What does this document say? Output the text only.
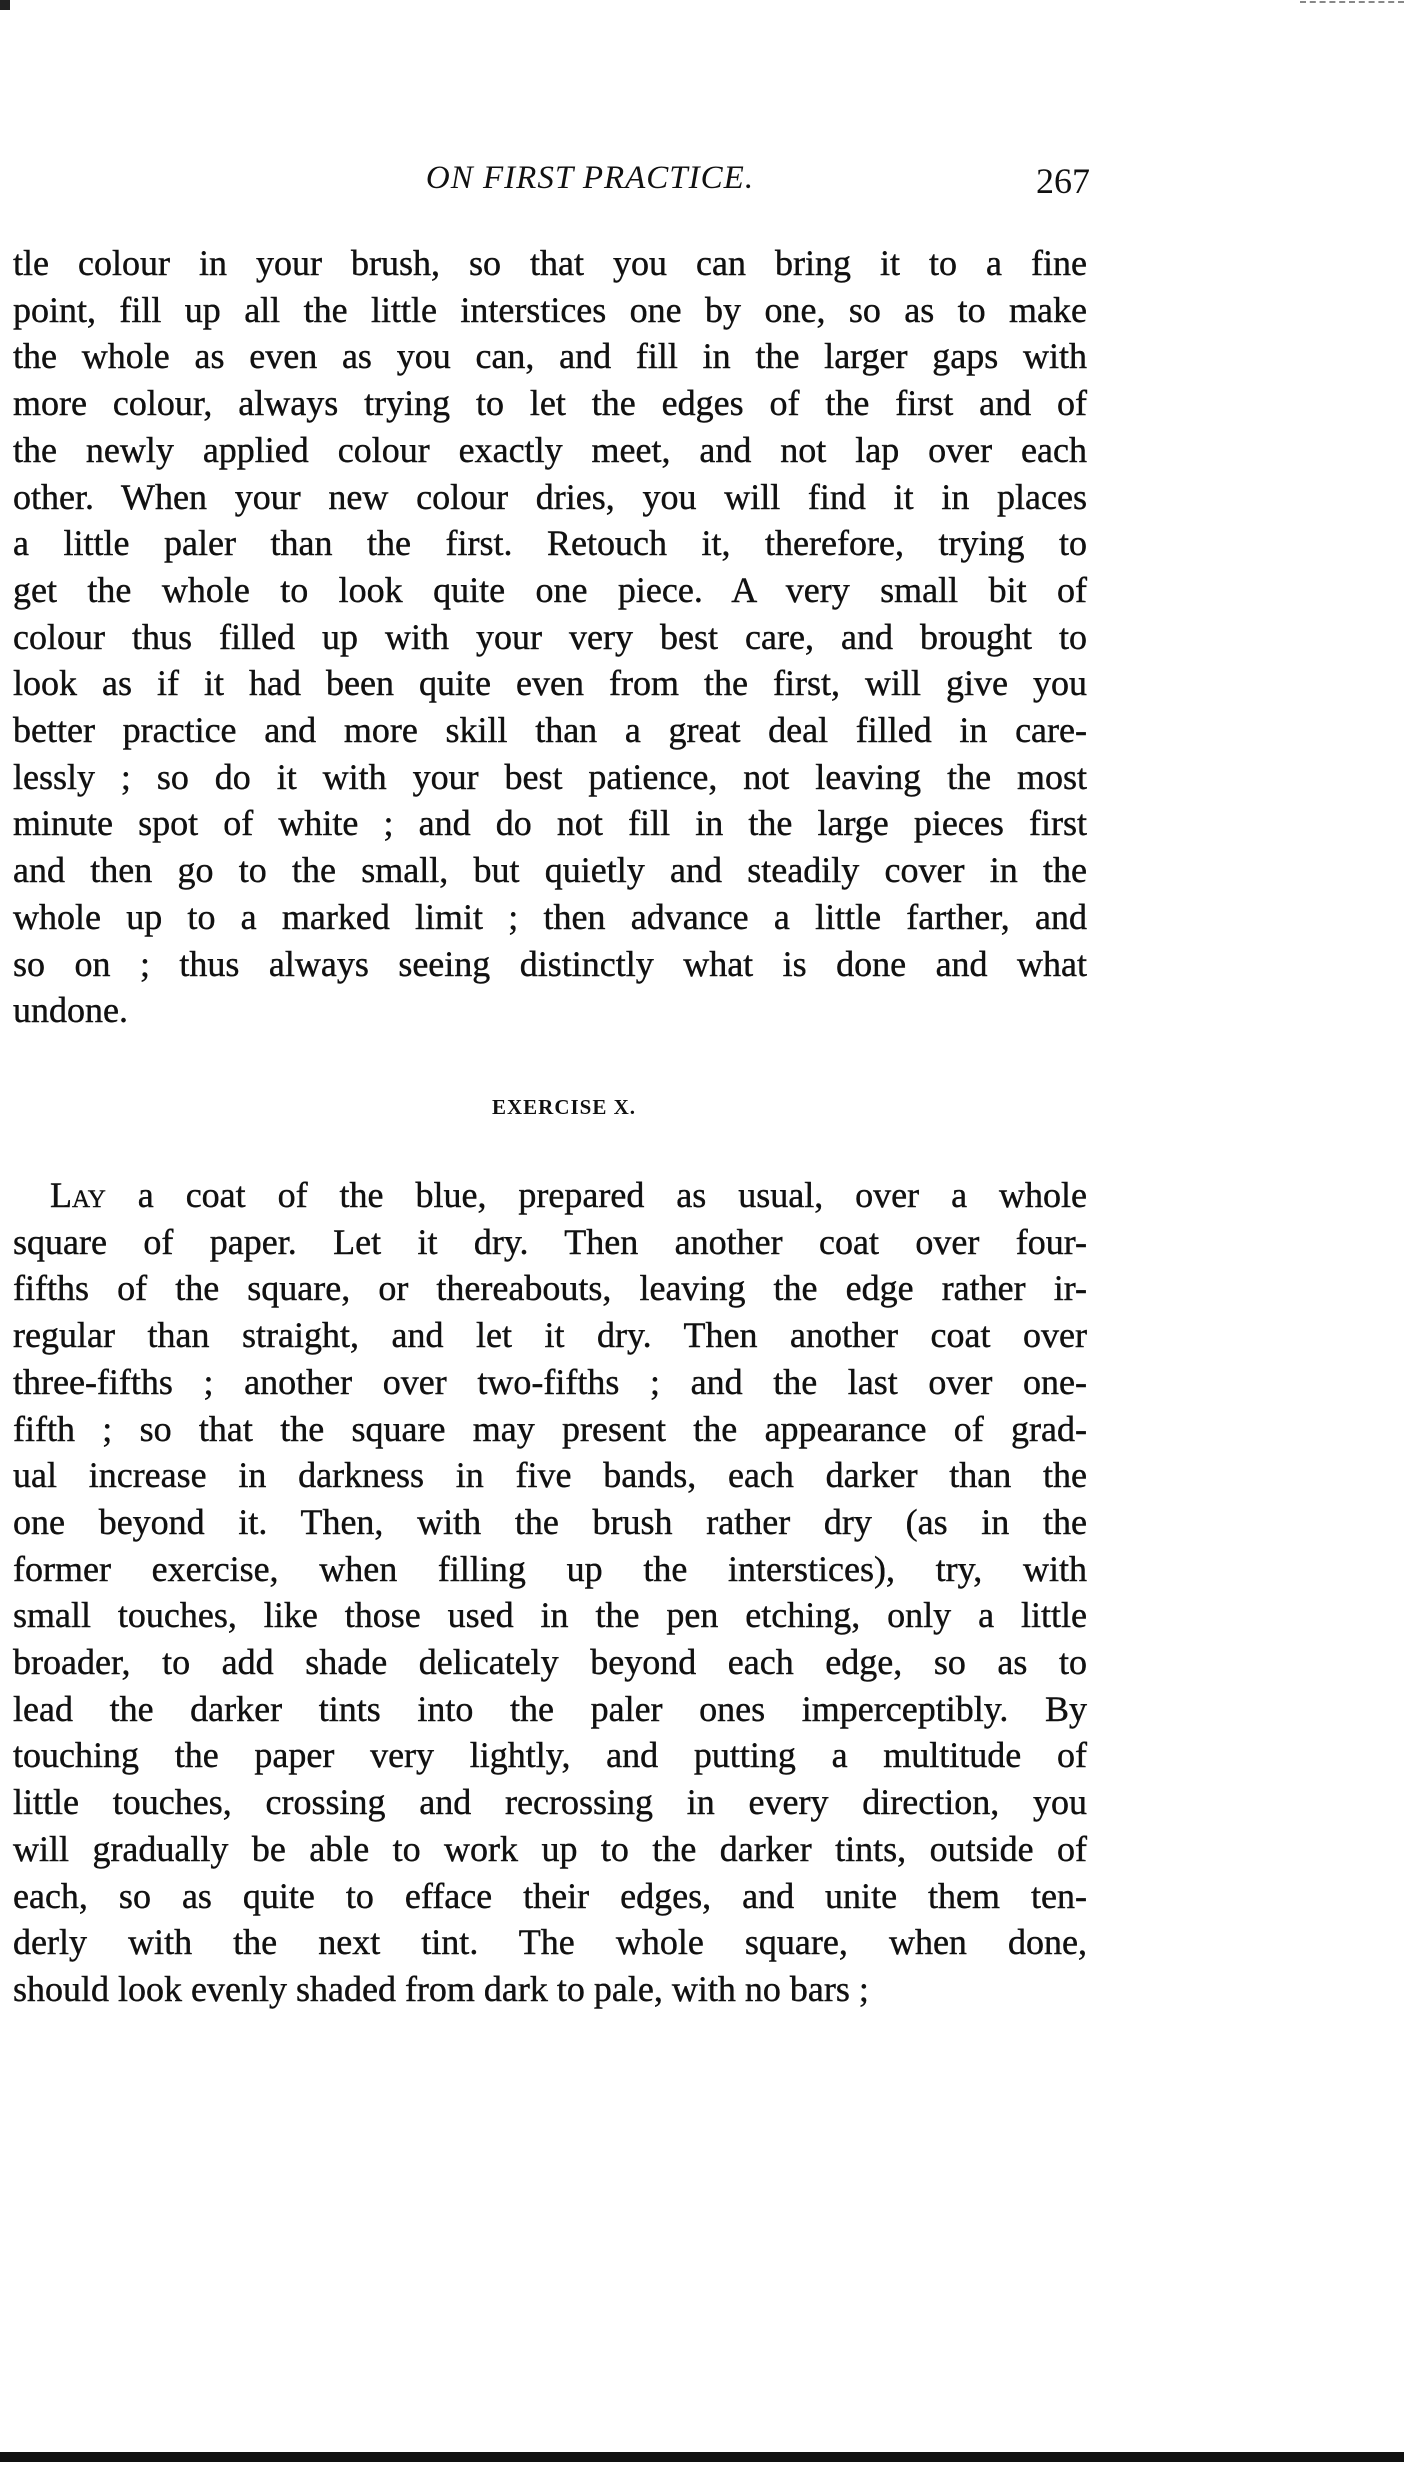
ON FIRST PRACTICE.	267
tle colour in your brush, so that you can bring it to a fine
point, fill up all the little interstices one by one, so as to make
the whole as even as you can, and fill in the larger gaps with
more colour, always trying to let the edges of the first and of
the newly applied colour exactly meet, and not lap over each
other. When your new colour dries, you will find it in places
a little paler than the first. Retouch it, therefore, trying to
get the whole to look quite one piece. A very small bit of
colour thus filled up with your very best care, and brought to
look as if it had been quite even from the first, will give you
better practice and more skill than a great deal filled in care-
lessly ; so do it with your best patience, not leaving the most
minute spot of white ; and do not fill in the large pieces first
and then go to the small, but quietly and steadily cover in the
whole up to a marked limit ; then advance a little farther, and
so on ; thus always seeing distinctly what is done and what
undone.
EXERCISE X.
Lay a coat of the blue, prepared as usual, over a whole
square of paper. Let it dry. Then another coat over four-
fifths of the square, or thereabouts, leaving the edge rather ir-
regular than straight, and let it dry. Then another coat over
three-fifths ; another over two-fifths ; and the last over one-
fifth ; so that the square may present the appearance of grad-
ual increase in darkness in five bands, each darker than the
one beyond it. Then, with the brush rather dry (as in the
former exercise, when filling up the interstices), try, with
small touches, like those used in the pen etching, only a little
broader, to add shade delicately beyond each edge, so as to
lead the darker tints into the paler ones imperceptibly. By
touching the paper very lightly, and putting a multitude of
little touches, crossing and recrossing in every direction, you
will gradually be able to work up to the darker tints, outside of
each, so as quite to efface their edges, and unite them ten-
derly with the next tint. The whole square, when done,
should look evenly shaded from dark to pale, with no bars ;
